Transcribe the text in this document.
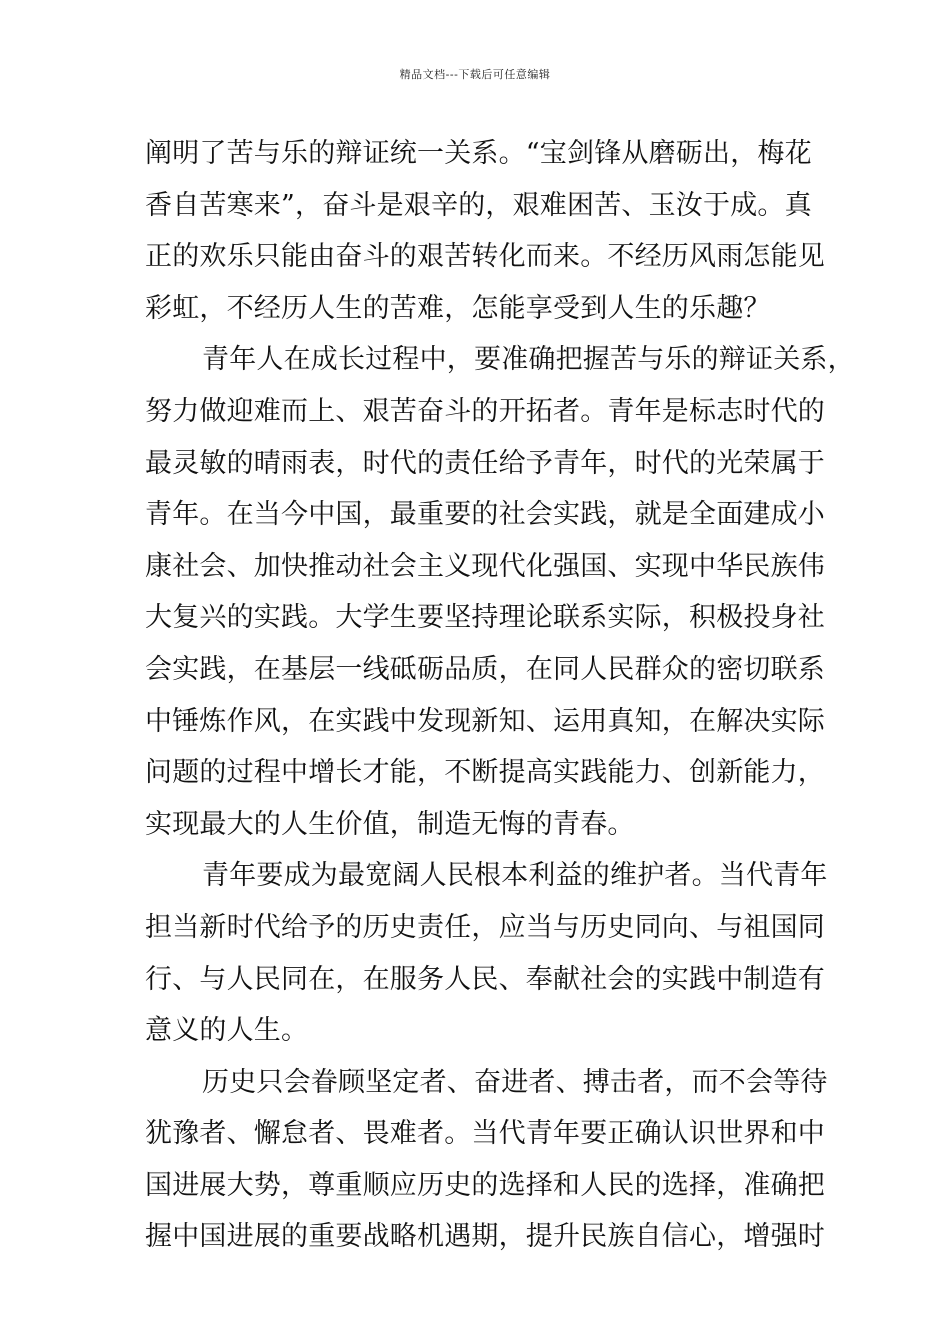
精品文档---下载后可任意编辑
阐明了苦与乐的辩证统一关系。“宝剑锋从磨砺出，梅花
香自苦寒来”，奋斗是艰辛的，艰难困苦、玉汝于成。真
正的欢乐只能由奋斗的艰苦转化而来。不经历风雨怎能见
彩虹，不经历人生的苦难，怎能享受到人生的乐趣？
青年人在成长过程中，要准确把握苦与乐的辩证关系，
努力做迎难而上、艰苦奋斗的开拓者。青年是标志时代的
最灵敏的晴雨表，时代的责任给予青年，时代的光荣属于
青年。在当今中国，最重要的社会实践，就是全面建成小
康社会、加快推动社会主义现代化强国、实现中华民族伟
大复兴的实践。大学生要坚持理论联系实际，积极投身社
会实践，在基层一线砥砺品质，在同人民群众的密切联系
中锤炼作风，在实践中发现新知、运用真知，在解决实际
问题的过程中增长才能，不断提高实践能力、创新能力，
实现最大的人生价值，制造无悔的青春。
青年要成为最宽阔人民根本利益的维护者。当代青年
担当新时代给予的历史责任，应当与历史同向、与祖国同
行、与人民同在，在服务人民、奉献社会的实践中制造有
意义的人生。
历史只会眷顾坚定者、奋进者、搏击者，而不会等待
犹豫者、懈怠者、畏难者。当代青年要正确认识世界和中
国进展大势，尊重顺应历史的选择和人民的选择，准确把
握中国进展的重要战略机遇期，提升民族自信心，增强时
